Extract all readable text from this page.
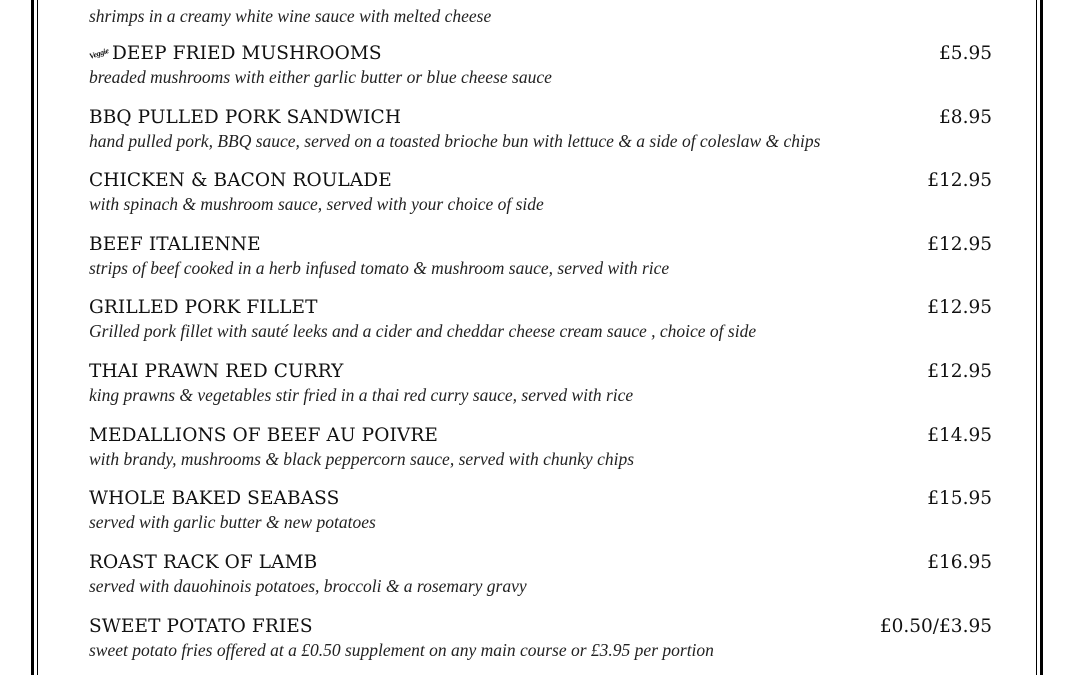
shrimps in a creamy white wine sauce with melted cheese
Veggie DEEP FRIED MUSHROOMS	£5.95
breaded mushrooms with either garlic butter or blue cheese sauce
BBQ PULLED PORK SANDWICH	£8.95
hand pulled pork, BBQ sauce, served on a toasted brioche bun with lettuce & a side of coleslaw & chips
CHICKEN & BACON ROULADE	£12.95
with spinach & mushroom sauce, served with your choice of side
BEEF ITALIENNE	£12.95
strips of beef cooked in a herb infused tomato & mushroom sauce, served with rice
GRILLED PORK FILLET	£12.95
Grilled pork fillet with sauté leeks and a cider and cheddar cheese cream sauce , choice of side
THAI PRAWN RED CURRY	£12.95
king prawns & vegetables stir fried in a thai red curry sauce, served with rice
MEDALLIONS OF BEEF AU POIVRE	£14.95
with brandy, mushrooms & black peppercorn sauce, served with chunky chips
WHOLE BAKED SEABASS	£15.95
served with garlic butter & new potatoes
ROAST RACK OF LAMB	£16.95
served with dauohinois potatoes, broccoli & a rosemary gravy
SWEET POTATO FRIES	£0.50/£3.95
sweet potato fries offered at a £0.50 supplement on any main course or £3.95 per portion
